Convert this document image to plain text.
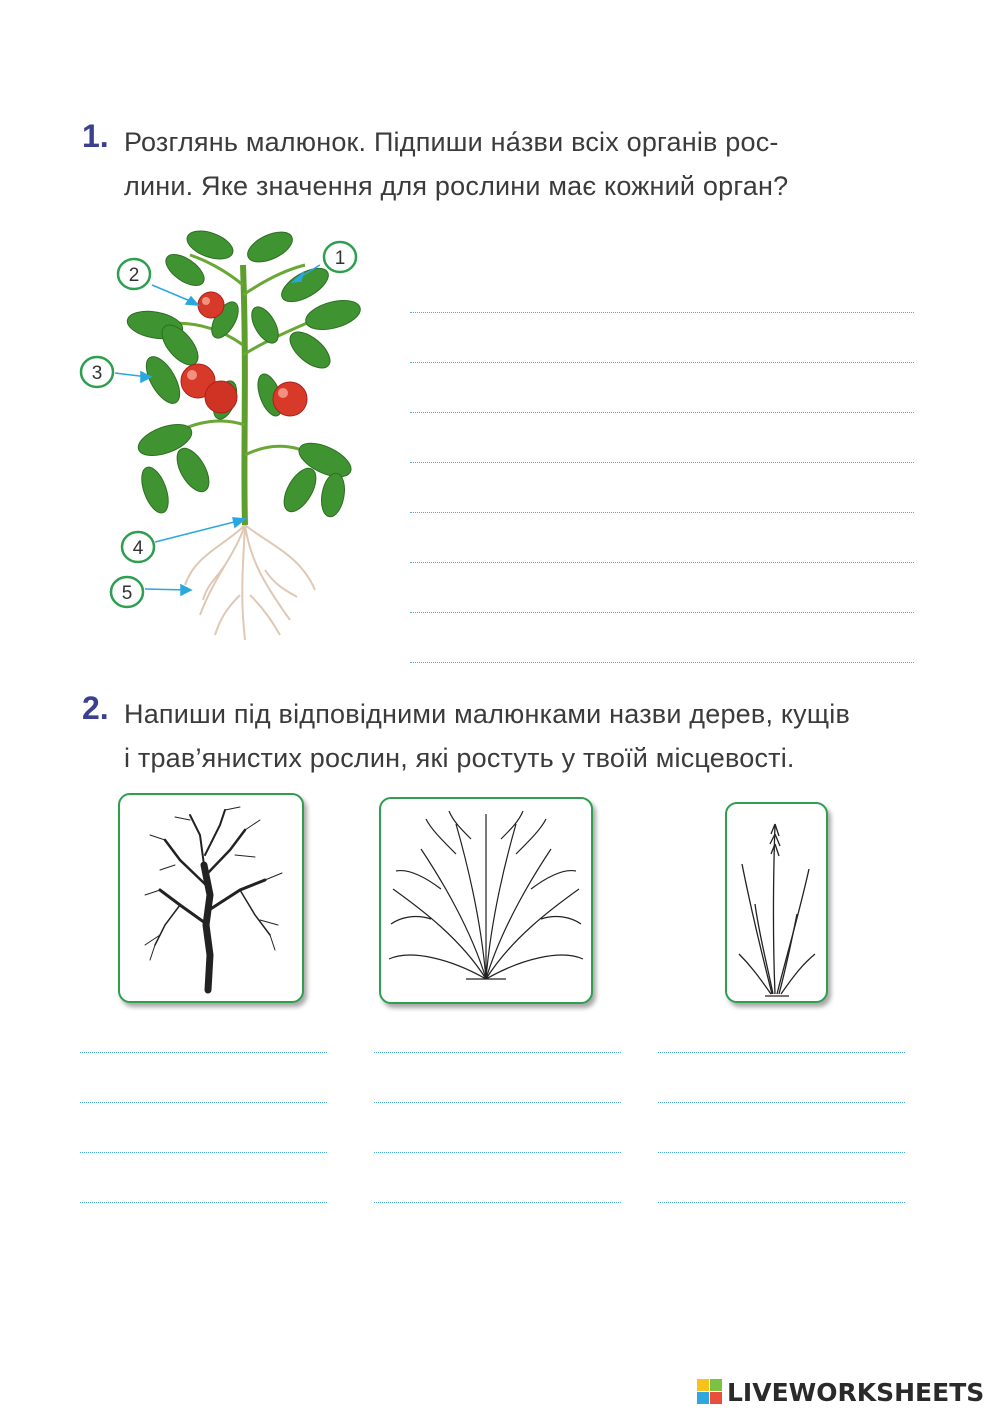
1. Розглянь малюнок. Підпиши на́зви всіх органів рос-
лини. Яке значення для рослини має кожний орган?
1
2
3
4
5
2. Напиши під відповідними малюнками назви дерев, кущів
і трав’янистих рослин, які ростуть у твоїй місцевості.
LIVEWORKSHEETS
